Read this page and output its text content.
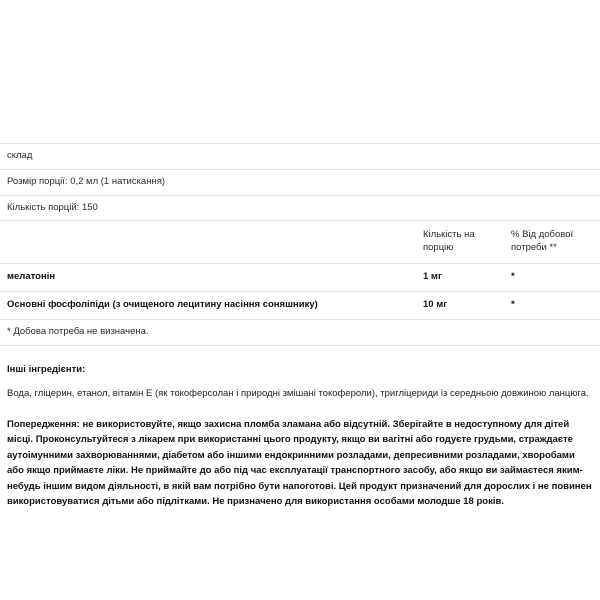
склад		
Розмір порції: 0,2 мл (1 натискання)		
Кількість порцій: 150		
	Кількість на порцію	% Від добової потреби **
мелатонін	1 мг	*
Основні фосфоліпіди (з очищеного лецитину насіння соняшнику)	10 мг	*
* Добова потреба не визначена.		
Інші інгредієнти:
Вода, гліцерин, етанол, вітамін Е (як токоферсолан і природні змішані токофероли), тригліцериди із середньою довжиною ланцюга.
Попередження: не використовуйте, якщо захисна пломба зламана або відсутній. Зберігайте в недоступному для дітей місці. Проконсультуйтеся з лікарем при використанні цього продукту, якщо ви вагітні або годуєте грудьми, страждаєте аутоімунними захворюваннями, діабетом або іншими ендокринними розладами, депресивними розладами, хворобами або якщо приймаєте ліки. Не приймайте до або під час експлуатації транспортного засобу, або якщо ви займаєтеся яким-небудь іншим видом діяльності, в якій вам потрібно бути напоготові. Цей продукт призначений для дорослих і не повинен використовуватися дітьми або підлітками. Не призначено для використання особами молодше 18 років.
